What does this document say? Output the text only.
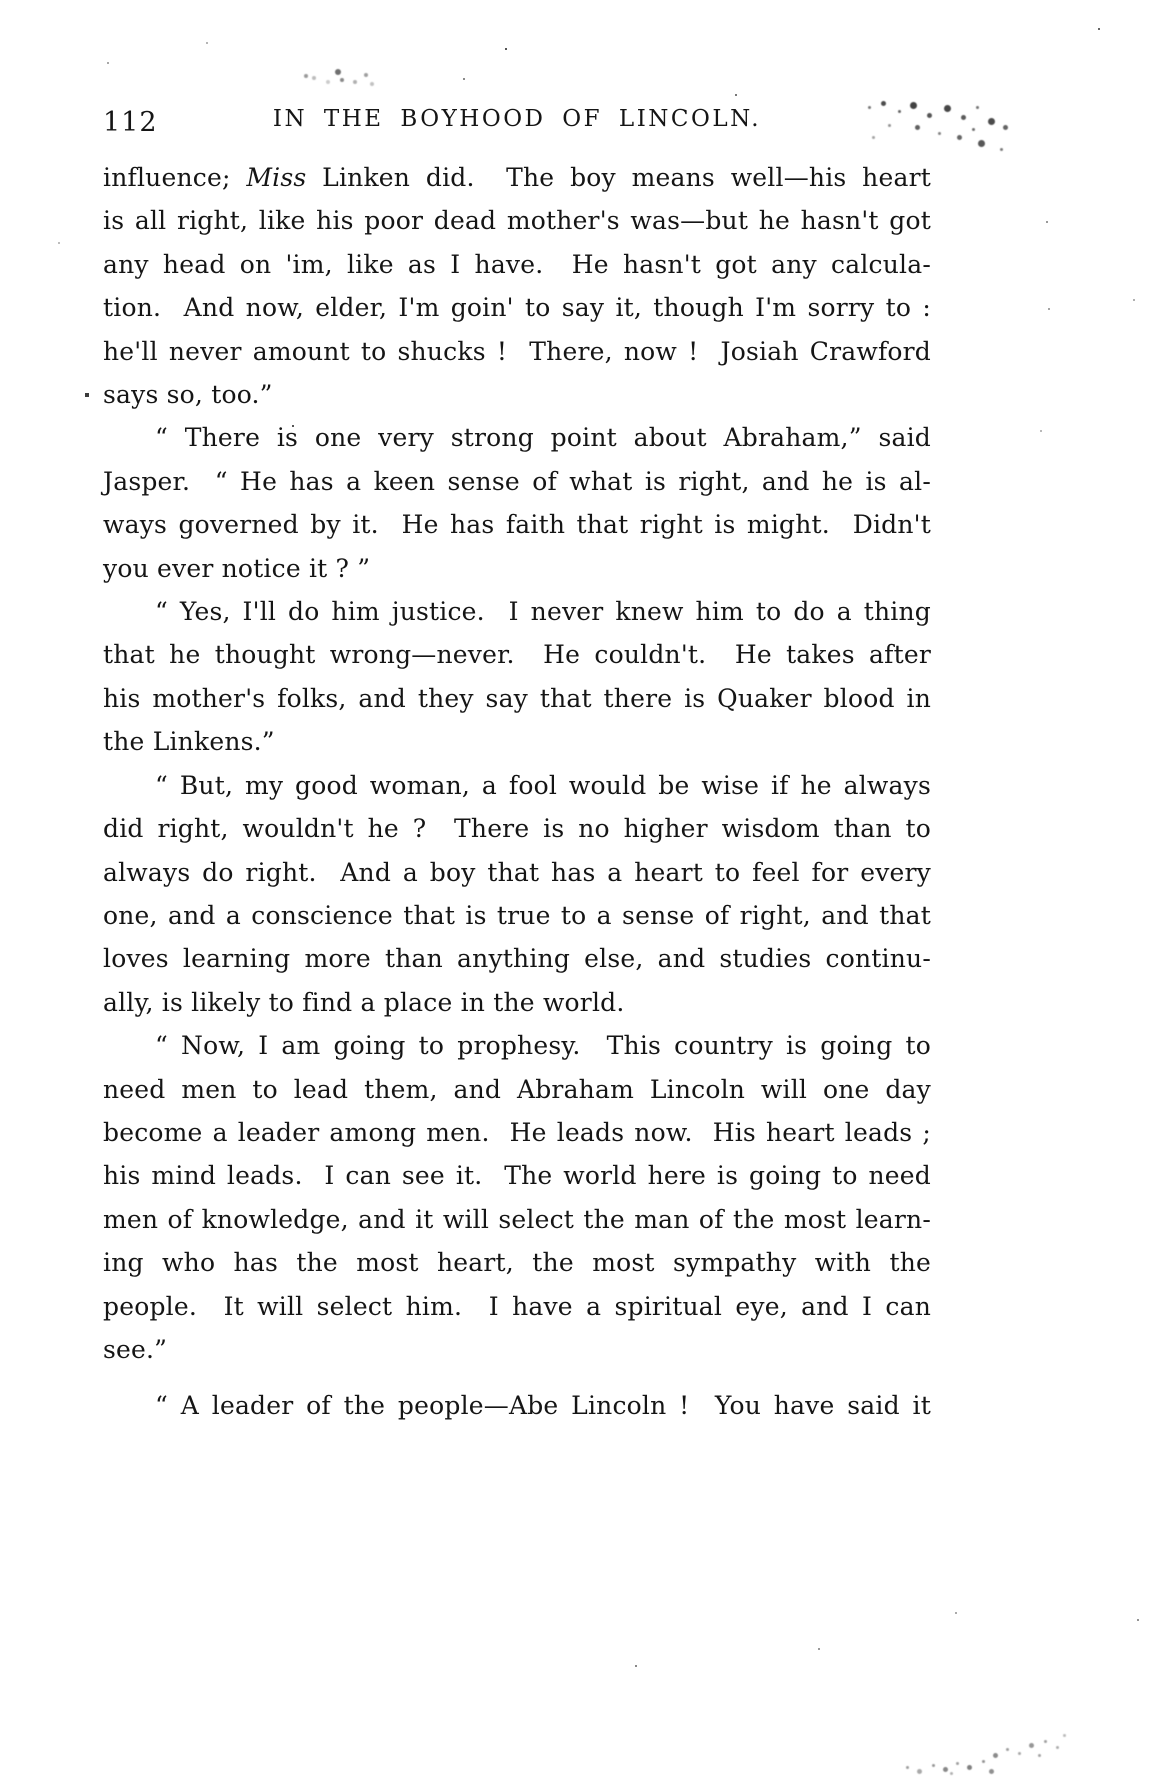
112	IN THE BOYHOOD OF LINCOLN.
influence; Miss Linken did.  The boy means well—his heart
is all right, like his poor dead mother's was—but he hasn't got
any head on 'im, like as I have.  He hasn't got any calcula-
tion.  And now, elder, I'm goin' to say it, though I'm sorry to :
he'll never amount to shucks !  There, now !  Josiah Crawford
says so, too.”
“ There is one very strong point about Abraham,” said
Jasper.  “ He has a keen sense of what is right, and he is al-
ways governed by it.  He has faith that right is might.  Didn't
you ever notice it ? ”
“ Yes, I'll do him justice.  I never knew him to do a thing
that he thought wrong—never.  He couldn't.  He takes after
his mother's folks, and they say that there is Quaker blood in
the Linkens.”
“ But, my good woman, a fool would be wise if he always
did right, wouldn't he ?  There is no higher wisdom than to
always do right.  And a boy that has a heart to feel for every
one, and a conscience that is true to a sense of right, and that
loves learning more than anything else, and studies continu-
ally, is likely to find a place in the world.
“ Now, I am going to prophesy.  This country is going to
need men to lead them, and Abraham Lincoln will one day
become a leader among men.  He leads now.  His heart leads ;
his mind leads.  I can see it.  The world here is going to need
men of knowledge, and it will select the man of the most learn-
ing who has the most heart, the most sympathy with the
people.  It will select him.  I have a spiritual eye, and I can
see.”
“ A leader of the people—Abe Lincoln !  You have said it
